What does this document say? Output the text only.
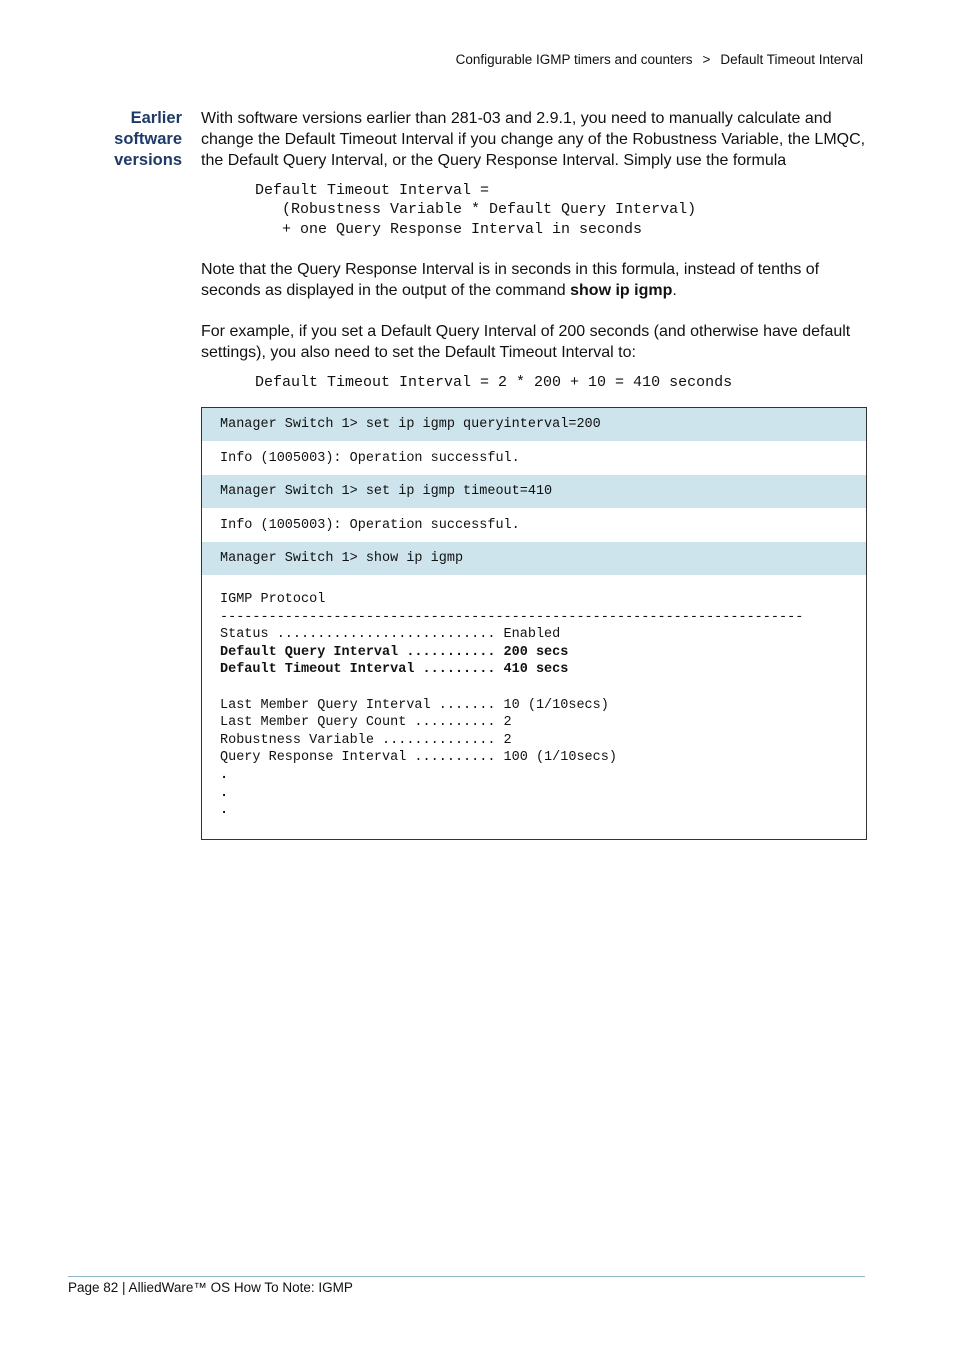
Configurable IGMP timers and counters > Default Timeout Interval
Earlier
software
versions
With software versions earlier than 281-03 and 2.9.1, you need to manually calculate and change the Default Timeout Interval if you change any of the Robustness Variable, the LMQC, the Default Query Interval, or the Query Response Interval. Simply use the formula
Default Timeout Interval =
(Robustness Variable * Default Query Interval)
+ one Query Response Interval in seconds
Note that the Query Response Interval is in seconds in this formula, instead of tenths of seconds as displayed in the output of the command show ip igmp.
For example, if you set a Default Query Interval of 200 seconds (and otherwise have default settings), you also need to set the Default Timeout Interval to:
Default Timeout Interval = 2 * 200 + 10 = 410 seconds
Manager Switch 1> set ip igmp queryinterval=200
Info (1005003): Operation successful.
Manager Switch 1> set ip igmp timeout=410
Info (1005003): Operation successful.
Manager Switch 1> show ip igmp
IGMP Protocol
------------------------------------------------------------------------
Status ........................... Enabled
Default Query Interval ........... 200 secs
Default Timeout Interval ......... 410 secs
Last Member Query Interval ....... 10 (1/10secs)
Last Member Query Count .......... 2
Robustness Variable .............. 2
Query Response Interval .......... 100 (1/10secs)
.
.
.
Page 82 | AlliedWare™ OS How To Note: IGMP
